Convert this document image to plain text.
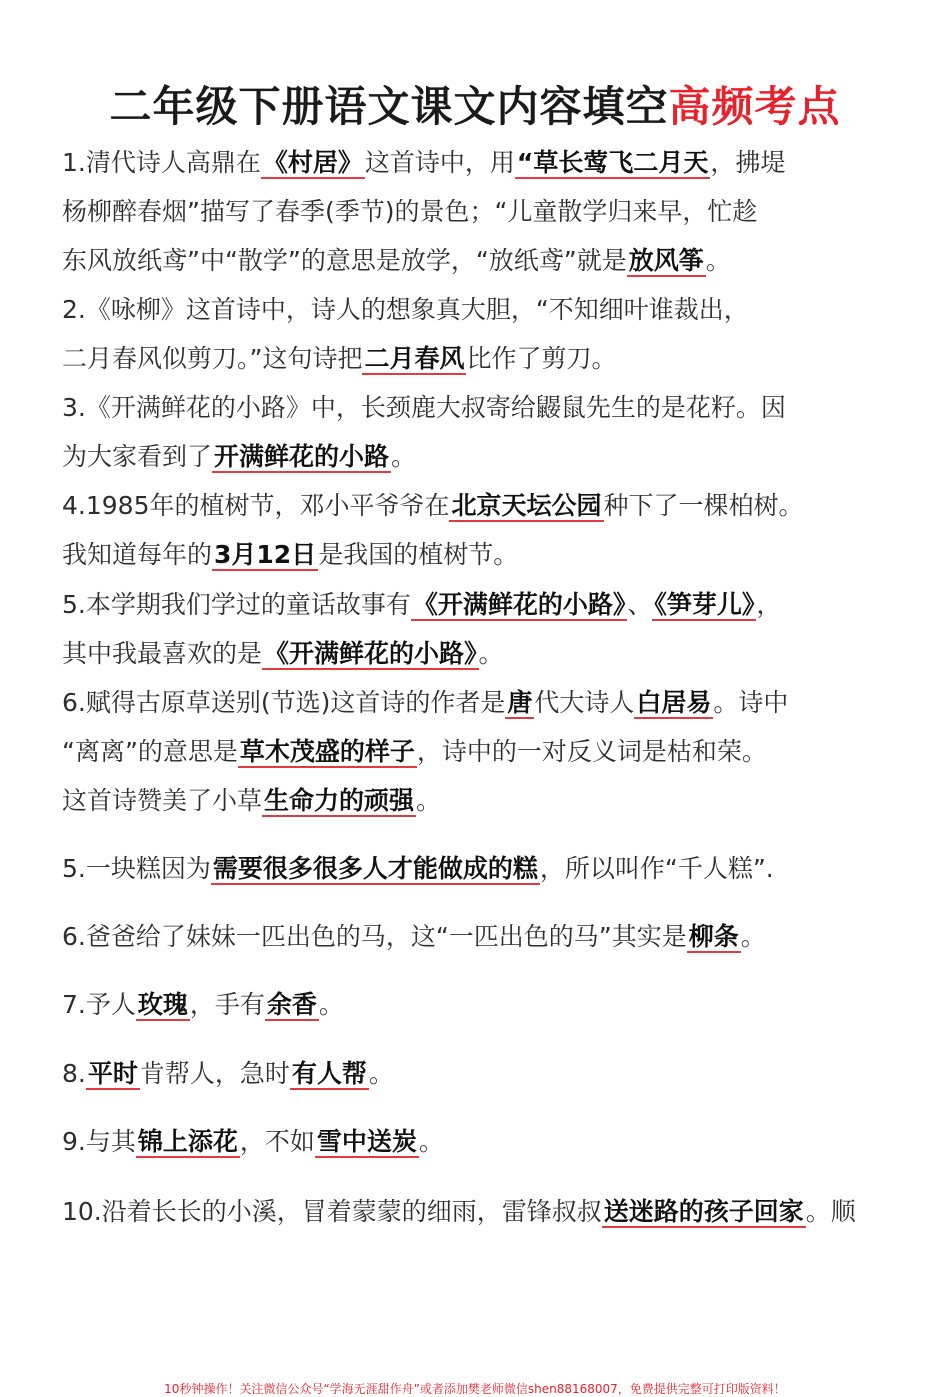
二年级下册语文课文内容填空高频考点
1.清代诗人高鼎在《村居》这首诗中，用“草长莺飞二月天，拂堤
杨柳醉春烟”描写了春季(季节)的景色；“儿童散学归来早，忙趁
东风放纸鸢”中“散学”的意思是放学，“放纸鸢”就是放风筝。
2.《咏柳》这首诗中，诗人的想象真大胆，“不知细叶谁裁出，
二月春风似剪刀。”这句诗把二月春风比作了剪刀。
3.《开满鲜花的小路》中，长颈鹿大叔寄给鼹鼠先生的是花籽。因
为大家看到了开满鲜花的小路。
4.1985年的植树节，邓小平爷爷在北京天坛公园种下了一棵柏树。
我知道每年的3月12日是我国的植树节。
5.本学期我们学过的童话故事有《开满鲜花的小路》、《笋芽儿》，
其中我最喜欢的是《开满鲜花的小路》。
6.赋得古原草送别(节选)这首诗的作者是唐代大诗人白居易。诗中
“离离”的意思是草木茂盛的样子，诗中的一对反义词是枯和荣。
这首诗赞美了小草生命力的顽强。
5.一块糕因为需要很多很多人才能做成的糕，所以叫作“千人糕”.
6.爸爸给了妹妹一匹出色的马，这“一匹出色的马”其实是柳条。
7.予人玫瑰，手有余香。
8.平时肯帮人，急时有人帮。
9.与其锦上添花，不如雪中送炭。
10.沿着长长的小溪，冒着蒙蒙的细雨，雷锋叔叔送迷路的孩子回家。顺
10秒钟操作！关注微信公众号“学海无涯甜作舟”或者添加樊老师微信shen88168007，免费提供完整可打印版资料！
